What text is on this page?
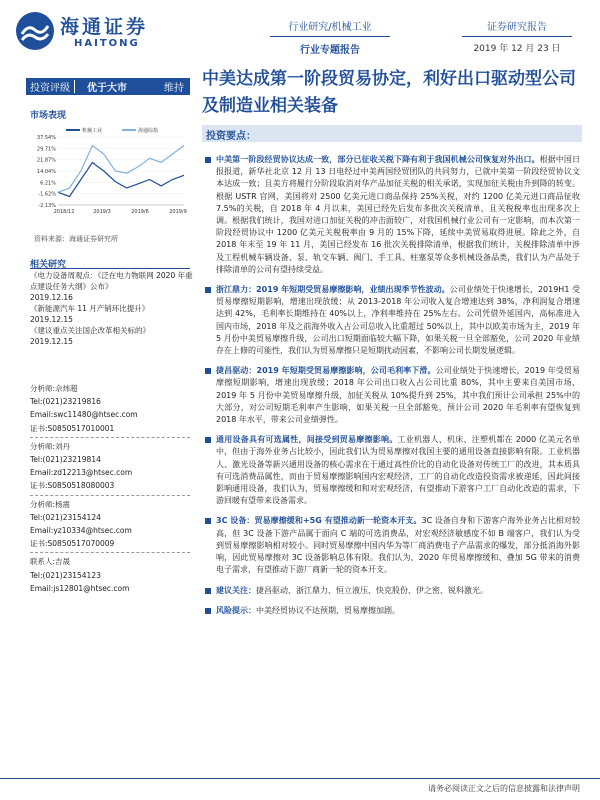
海通证券
HAITONG
行业研究/机械工业
行业专题报告
证券研究报告
2019 年 12 月 23 日
投资评级	优于大市	维持
市场表现
机械工业	海通综指
37.54%
29.71%
21.87%
14.04%
6.21%
-1.62%
-2.13%
2018/12	2019/3	2019/6	2019/9
资料来源：海通证券研究所
相关研究
《电力设备周观点：《泛在电力物联网 2020 年重点建设任务大纲》公布》
2019.12.16
《新能源汽车 11 月产销环比提升》
2019.12.15
《建议重点关注国企改革相关标的》
2019.12.15
分析师:佘炜超
Tel:(021)23219816
Email:swc11480@htsec.com
证书:S0850517010001
分析师:刘丹
Tel:(021)23219814
Email:zd12213@htsec.com
证书:S0850518080003
分析师:杨震
Tel:(021)23154124
Email:yz10334@htsec.com
证书:S0850517070009
联系人:吉晟
Tel:(021)23154123
Email:js12801@htsec.com
中美达成第一阶段贸易协定，利好出口驱动型公司及制造业相关装备
投资要点：
中美第一阶段经贸协议达成一致，部分已征收关税下降有利于我国机械公司恢复对外出口。根据中国日报报道，新华社北京 12 月 13 日电经过中美两国经贸团队的共同努力，已就中美第一阶段经贸协议文本达成一致；且美方将履行分阶段取消对华产品加征关税的相关承诺，实现加征关税由升到降的转变。根据 USTR 官网，美国将对 2500 亿美元进口商品保持 25%关税，对约 1200 亿美元进口商品征收 7.5%的关税，自 2018 年 4 月以来，美国已经先后发布多批次关税清单，且关税税率也出现多次上调。根据我们统计，我国对进口加征关税的冲击面较广，对我国机械行业公司有一定影响，而本次第一阶段经贸协议中 1200 亿美元关税税率由 9 月的 15%下降，延续中美贸易取得进展。除此之外，自 2018 年末至 19 年 11 月，美国已经发布 16 批次关税排除清单，根据我们统计，关税排除清单中涉及工程机械车辆设备、泵、轨交车辆、阀门、手工具、柱塞泵等众多机械设备品类，我们认为产品处于排除清单的公司有望持续受益。
浙江鼎力：2019 年短期受贸易摩擦影响，业绩出现季节性波动。公司业绩处于快速增长，2019H1 受贸易摩擦短期影响，增速出现放缓；从 2013-2018 年公司收入复合增速达到 38%，净利润复合增速达到 42%，毛利率长期维持在 40%以上，净利率维持在 25%左右。公司凭借外延国内，高标准进入国内市场，2018 年及之前海外收入占公司总收入比重超过 50%以上，其中以欧美市场为主，2019 年 5 月份中美贸易摩擦升级，公司出口短期面临较大幅下降，如果关税一旦全部豁免，公司 2020 年业绩存在上修的可能性，我们认为贸易摩擦只是短期扰动因素，不影响公司长期发展逻辑。
捷昌驱动：2019 年短期受贸易摩擦影响，公司毛利率下滑。公司业绩处于快速增长，2019 年受贸易摩擦短期影响，增速出现放缓；2018 年公司出口收入占公司比重 80%，其中主要来自美国市场，2019 年 5 月份中美贸易摩擦升级，加征关税从 10%提升到 25%，其中我们预计公司承担 25%中的大部分，对公司短期毛利率产生影响，如果关税一旦全部豁免，预计公司 2020 年毛利率有望恢复到 2018 年水平，带来公司业绩弹性。
通用设备具有可选属性，间接受到贸易摩擦影响。工业机器人、机床、注塑机都在 2000 亿美元名单中，但由于海外业务占比较小，因此我们认为贸易摩擦对我国主要的通用设备直接影响有限。工业机器人、激光设备等新兴通用设备的核心需求在于通过高性价比的自动化设备对传统工厂的改进，其本质具有可选消费品属性，而由于贸易摩擦影响国内宏观经济，工厂的自动化改造投资需求被递延，因此间接影响通用设备，我们认为，贸易摩擦缓和和对宏观经济，有望推动下游客户工厂自动化改造的需求，下游回暖有望带来设备需求。
3C 设备：贸易摩擦缓和+5G 有望推动新一轮资本开支。3C 设备自身和下游客户海外业务占比相对较高，但 3C 设备下游产品属于面向 C 端的可选消费品，对宏观经济敏感度不如 B 端客户，我们认为受到贸易摩擦影响相对较小。同时贸易摩擦中国内华为等厂商消费电子产品需求的爆发，部分抵消海外影响，因此贸易摩擦对 3C 设备影响总体有限。我们认为，2020 年贸易摩擦缓和、叠加 5G 带来的消费电子需求，有望推动下游厂商新一轮的资本开支。
建议关注：捷昌驱动、浙江鼎力、恒立液压、快克股份、伊之密、锐科激光。
风险提示：中美经贸协议不达预期，贸易摩擦加剧。
请务必阅读正文之后的信息披露和法律声明
